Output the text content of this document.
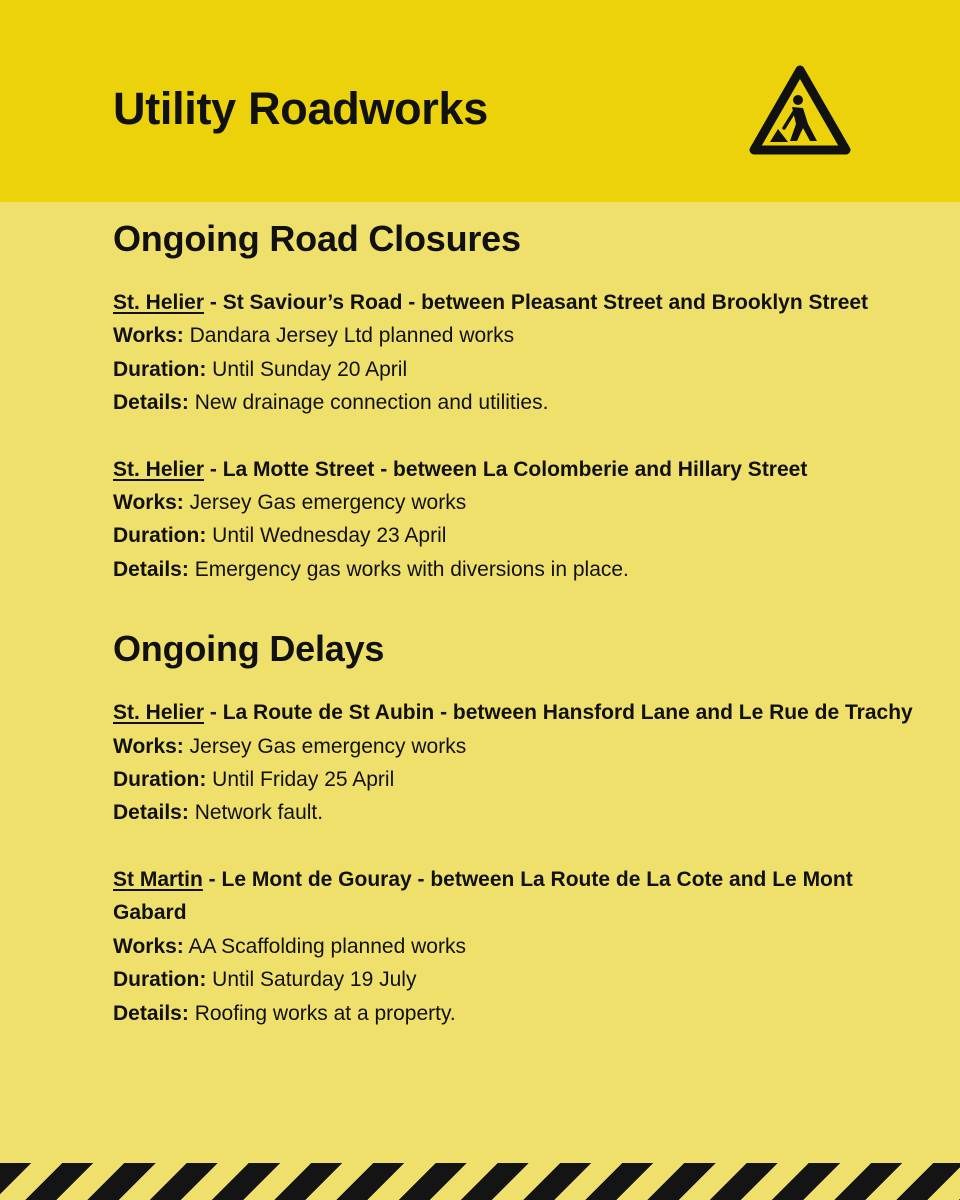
Utility Roadworks
Ongoing Road Closures
St. Helier - St Saviour’s Road - between Pleasant Street and Brooklyn Street
Works: Dandara Jersey Ltd planned works
Duration: Until Sunday 20 April
Details: New drainage connection and utilities.
St. Helier - La Motte Street - between La Colomberie and Hillary Street
Works: Jersey Gas emergency works
Duration: Until Wednesday 23 April
Details: Emergency gas works with diversions in place.
Ongoing Delays
St. Helier - La Route de St Aubin - between Hansford Lane and Le Rue de Trachy
Works: Jersey Gas emergency works
Duration: Until Friday 25 April
Details: Network fault.
St Martin - Le Mont de Gouray - between La Route de La Cote and Le Mont Gabard
Works: AA Scaffolding planned works
Duration: Until Saturday 19 July
Details: Roofing works at a property.
